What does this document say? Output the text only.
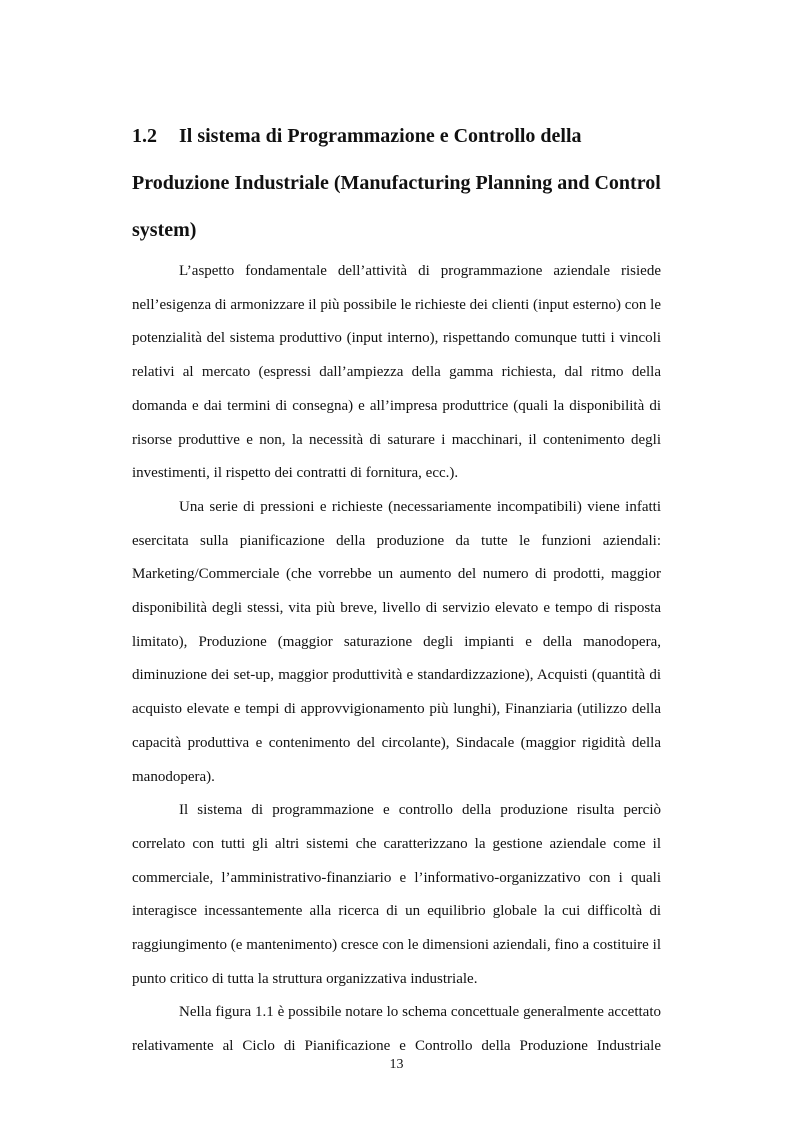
1.2 Il sistema di Programmazione e Controllo della Produzione Industriale (Manufacturing Planning and Control system)

L’aspetto fondamentale dell’attività di programmazione aziendale risiede nell’esigenza di armonizzare il più possibile le richieste dei clienti (input esterno) con le potenzialità del sistema produttivo (input interno), rispettando comunque tutti i vincoli relativi al mercato (espressi dall’ampiezza della gamma richiesta, dal ritmo della domanda e dai termini di consegna) e all’impresa produttrice (quali la disponibilità di risorse produttive e non, la necessità di saturare i macchinari, il contenimento degli investimenti, il rispetto dei contratti di fornitura, ecc.).

Una serie di pressioni e richieste (necessariamente incompatibili) viene infatti esercitata sulla pianificazione della produzione da tutte le funzioni aziendali: Marketing/Commerciale (che vorrebbe un aumento del numero di prodotti, maggior disponibilità degli stessi, vita più breve, livello di servizio elevato e tempo di risposta limitato), Produzione (maggior saturazione degli impianti e della manodopera, diminuzione dei set-up, maggior produttività e standardizzazione), Acquisti (quantità di acquisto elevate e tempi di approvvigionamento più lunghi), Finanziaria (utilizzo della capacità produttiva e contenimento del circolante), Sindacale (maggior rigidità della manodopera).

Il sistema di programmazione e controllo della produzione risulta perciò correlato con tutti gli altri sistemi che caratterizzano la gestione aziendale come il commerciale, l’amministrativo-finanziario e l’informativo-organizzativo con i quali interagisce incessantemente alla ricerca di un equilibrio globale la cui difficoltà di raggiungimento (e mantenimento) cresce con le dimensioni aziendali, fino a costituire il punto critico di tutta la struttura organizzativa industriale.

Nella figura 1.1 è possibile notare lo schema concettuale generalmente accettato relativamente al Ciclo di Pianificazione e Controllo della Produzione Industriale

13
